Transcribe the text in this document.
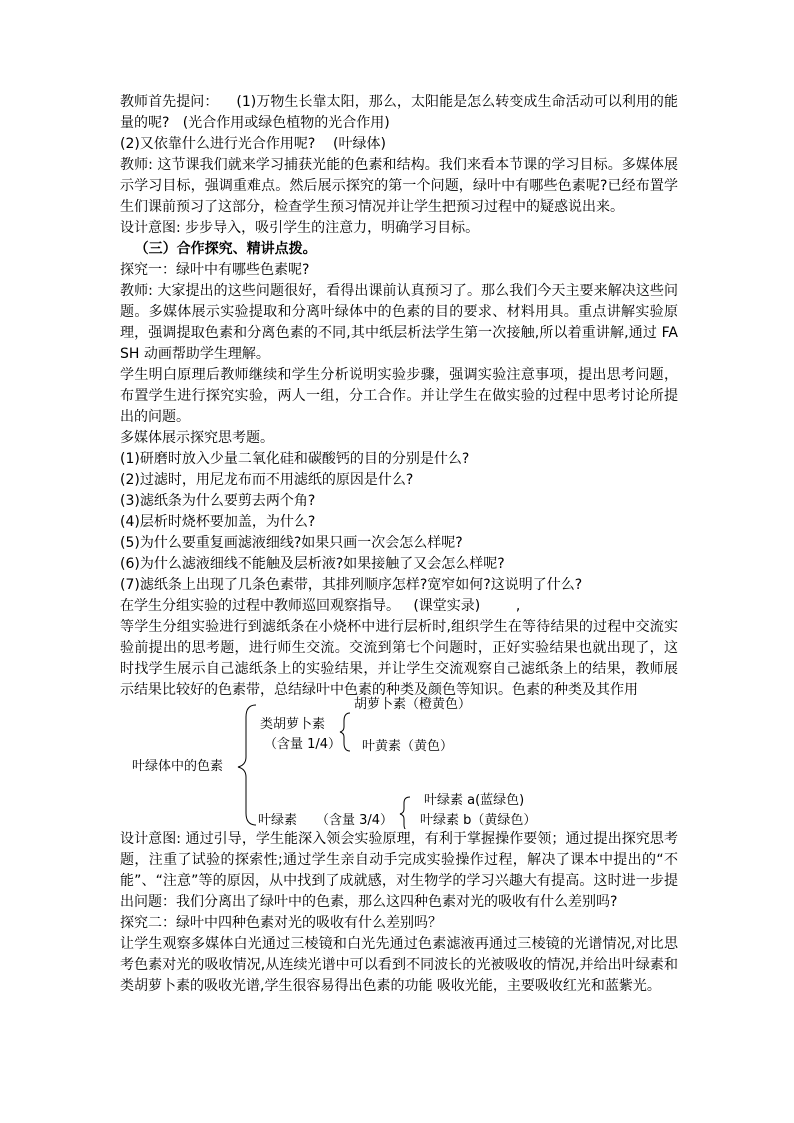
教师首先提问：    (1)万物生长靠太阳，那么，太阳能是怎么转变成生命活动可以利用的能量的呢?   (光合作用或绿色植物的光合作用)

(2)又依靠什么进行光合作用呢?    (叶绿体)

教师: 这节课我们就来学习捕获光能的色素和结构。我们来看本节课的学习目标。多媒体展示学习目标，强调重难点。然后展示探究的第一个问题，绿叶中有哪些色素呢?已经布置学生们课前预习了这部分，检查学生预习情况并让学生把预习过程中的疑惑说出来。

设计意图: 步步导入，吸引学生的注意力，明确学习目标。

（三）合作探究、精讲点拨。

探究一：绿叶中有哪些色素呢?

教师: 大家提出的这些问题很好，看得出课前认真预习了。那么我们今天主要来解决这些问题。多媒体展示实验提取和分离叶绿体中的色素的目的要求、材料用具。重点讲解实验原理，强调提取色素和分离色素的不同,其中纸层析法学生第一次接触,所以着重讲解,通过 FASH 动画帮助学生理解。

学生明白原理后教师继续和学生分析说明实验步骤，强调实验注意事项，提出思考问题，布置学生进行探究实验，两人一组，分工合作。并让学生在做实验的过程中思考讨论所提出的问题。

多媒体展示探究思考题。

(1)研磨时放入少量二氧化硅和碳酸钙的目的分别是什么?

(2)过滤时，用尼龙布而不用滤纸的原因是什么?

(3)滤纸条为什么要剪去两个角?

(4)层析时烧杯要加盖，为什么?

(5)为什么要重复画滤液细线?如果只画一次会怎么样呢?

(6)为什么滤液细线不能触及层析液?如果接触了又会怎么样呢?

(7)滤纸条上出现了几条色素带，其排列顺序怎样?宽窄如何?这说明了什么?

在学生分组实验的过程中教师巡回观察指导。   (课堂实录)        ,

等学生分组实验进行到滤纸条在小烧杯中进行层析时,组织学生在等待结果的过程中交流实验前提出的思考题，进行师生交流。交流到第七个问题时，正好实验结果也就出现了，这时找学生展示自己滤纸条上的实验结果，并让学生交流观察自己滤纸条上的结果，教师展示结果比较好的色素带，总结绿叶中色素的种类及颜色等知识。色素的种类及其作用

叶绿体中的色素
类胡萝卜素
（含量 1/4）
胡萝卜素（橙黄色）
叶黄素（黄色）
叶绿素 （含量 3/4）
叶绿素 a(蓝绿色)
叶绿素 b（黄绿色）

设计意图: 通过引导，学生能深入领会实验原理，有利于掌握操作要领；通过提出探究思考题，注重了试验的探索性;通过学生亲自动手完成实验操作过程，解决了课本中提出的“不能”、“注意”等的原因，从中找到了成就感，对生物学的学习兴趣大有提高。这时进一步提出问题：我们分离出了绿叶中的色素，那么这四种色素对光的吸收有什么差别吗?

探究二：绿叶中四种色素对光的吸收有什么差别吗？

让学生观察多媒体白光通过三棱镜和白光先通过色素滤液再通过三棱镜的光谱情况,对比思考色素对光的吸收情况,从连续光谱中可以看到不同波长的光被吸收的情况,并给出叶绿素和类胡萝卜素的吸收光谱,学生很容易得出色素的功能 吸收光能，主要吸收红光和蓝紫光。
